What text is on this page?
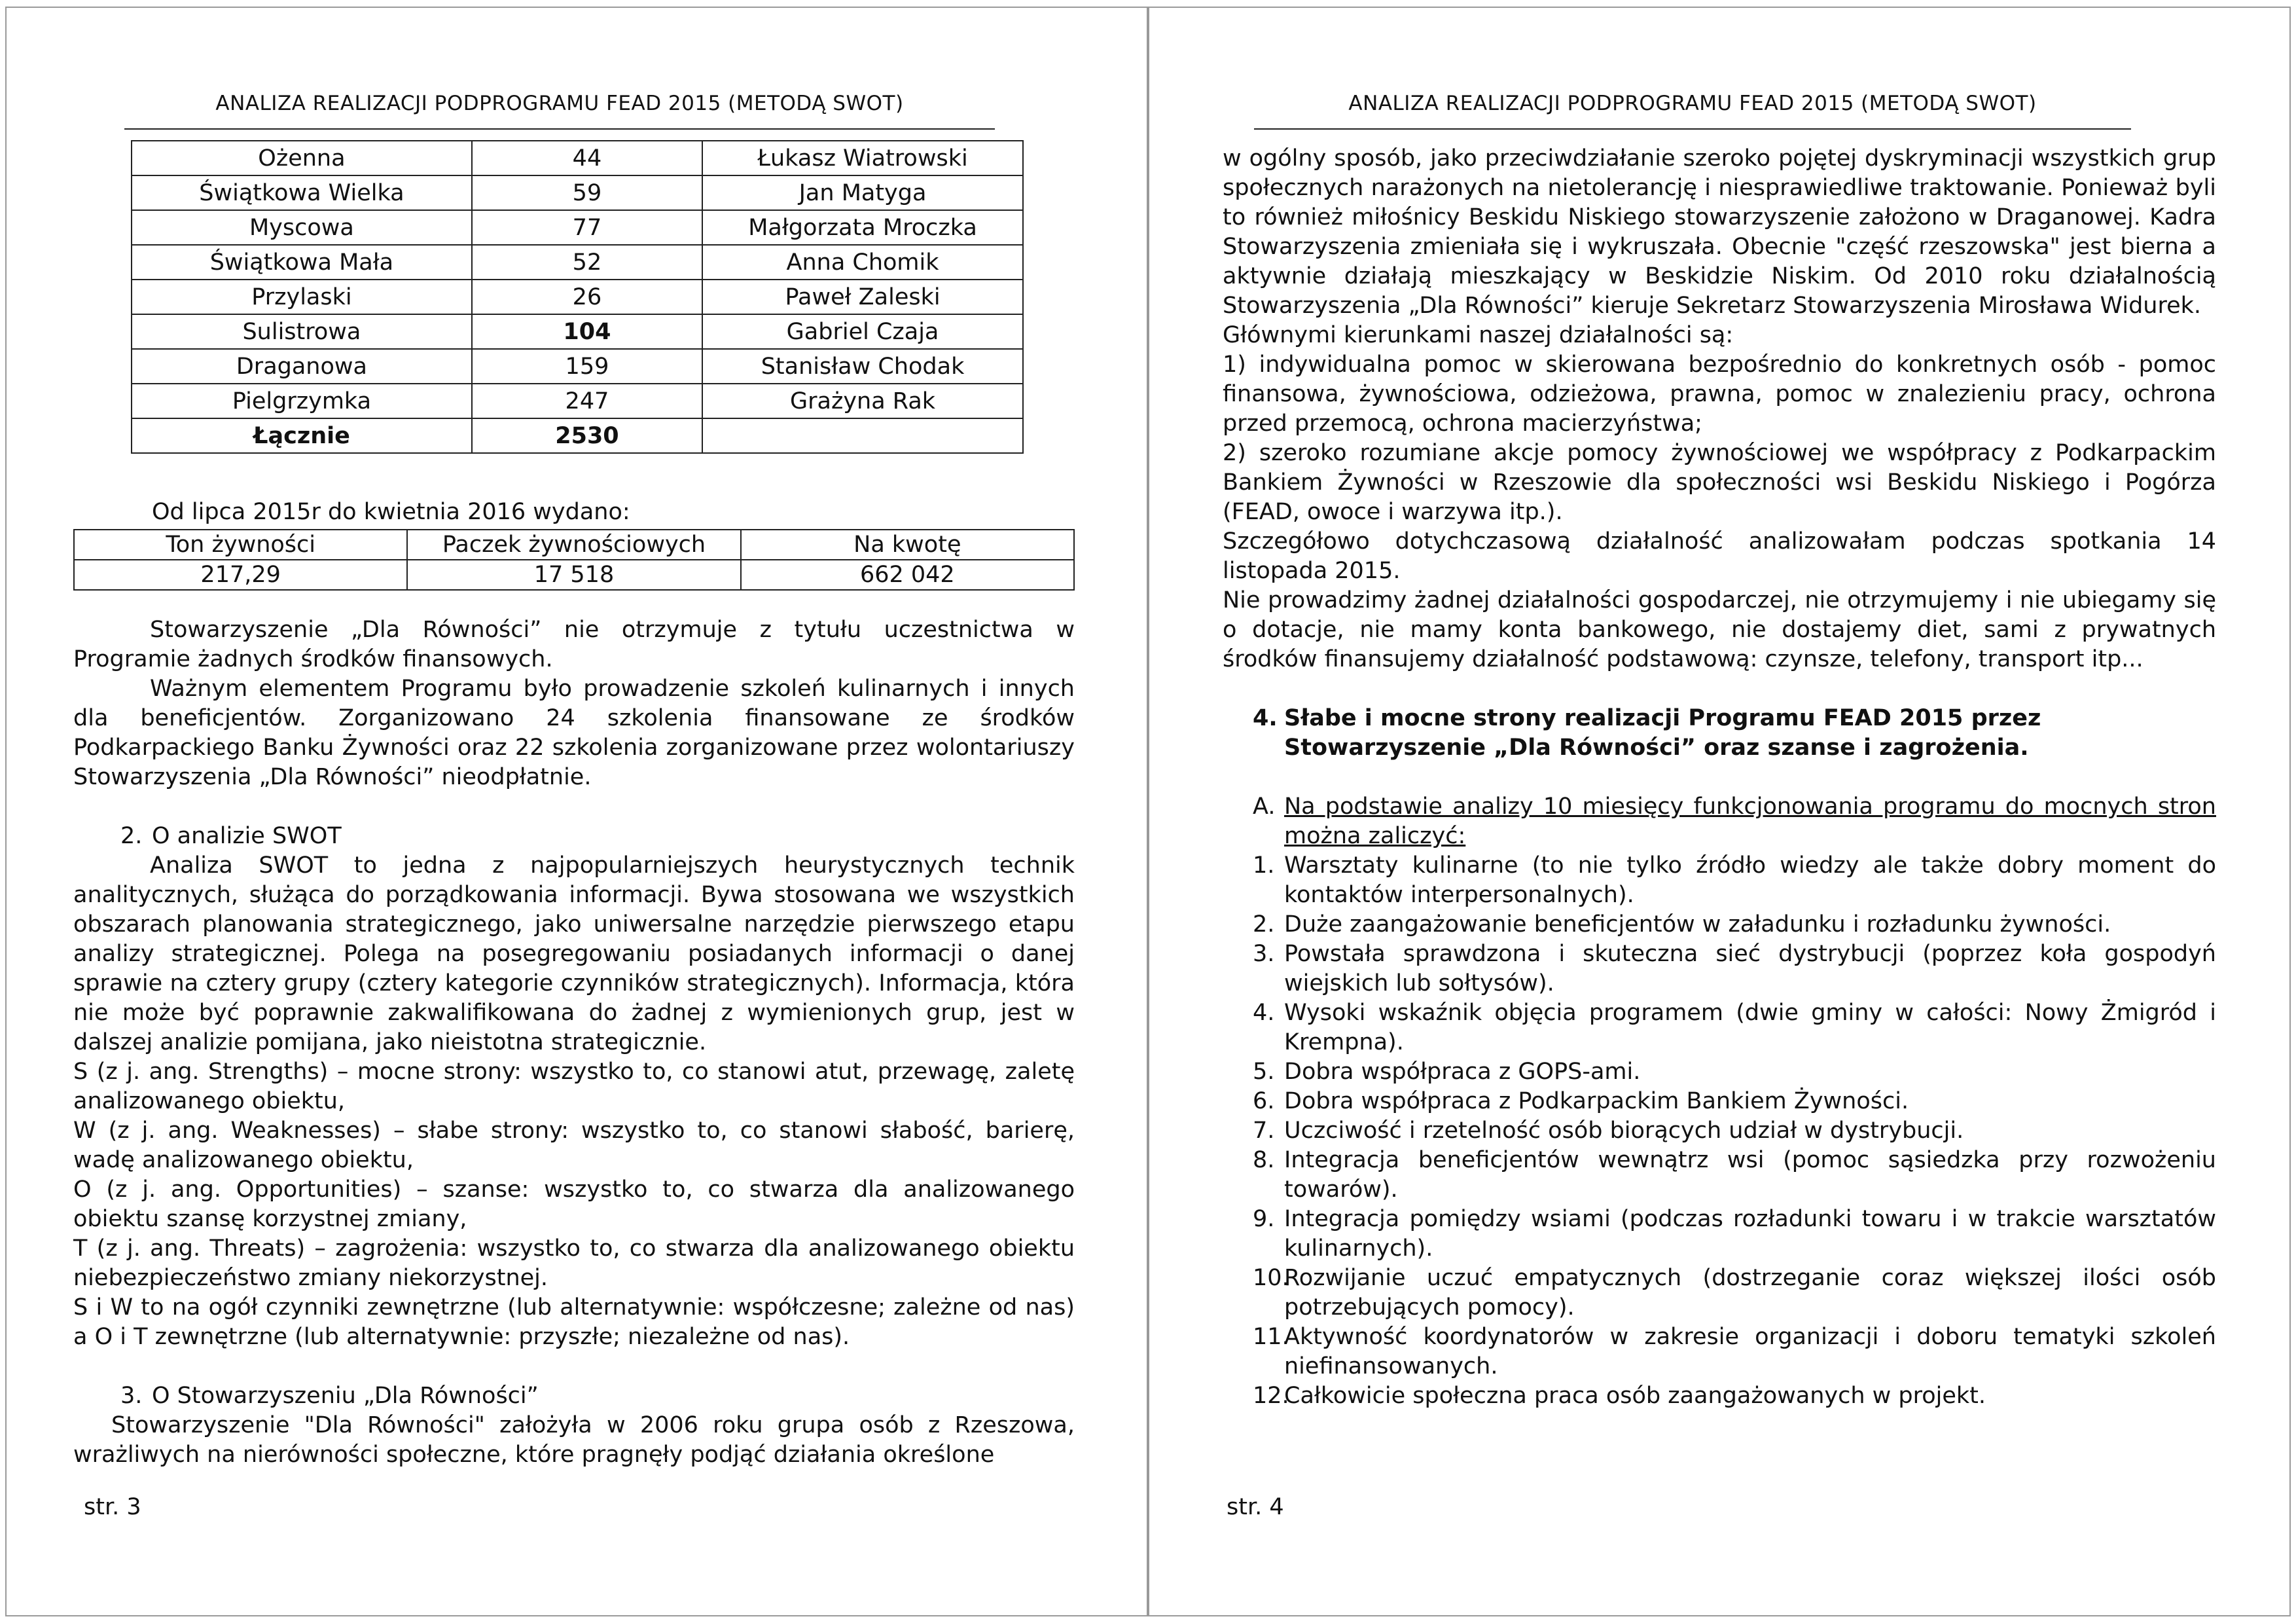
ANALIZA REALIZACJI PODPROGRAMU FEAD 2015 (METODĄ SWOT)
Ożenna	44	Łukasz Wiatrowski
Świątkowa Wielka	59	Jan Matyga
Myscowa	77	Małgorzata Mroczka
Świątkowa Mała	52	Anna Chomik
Przylaski	26	Paweł Zaleski
Sulistrowa	104	Gabriel Czaja
Draganowa	159	Stanisław Chodak
Pielgrzymka	247	Grażyna Rak
Łącznie	2530	
Od lipca 2015r do kwietnia 2016 wydano:
Ton żywności	Paczek żywnościowych	Na kwotę
217,29	17 518	662 042

Stowarzyszenie „Dla Równości” nie otrzymuje z tytułu uczestnictwa w Programie żadnych środków finansowych.

Ważnym elementem Programu było prowadzenie szkoleń kulinarnych i innych dla beneficjentów. Zorganizowano 24 szkolenia finansowane ze środków Podkarpackiego Banku Żywności oraz 22 szkolenia zorganizowane przez wolontariuszy Stowarzyszenia „Dla Równości” nieodpłatnie.

2. O analizie SWOT

Analiza SWOT to jedna z najpopularniejszych heurystycznych technik analitycznych, służąca do porządkowania informacji. Bywa stosowana we wszystkich obszarach planowania strategicznego, jako uniwersalne narzędzie pierwszego etapu analizy strategicznej. Polega na posegregowaniu posiadanych informacji o danej sprawie na cztery grupy (cztery kategorie czynników strategicznych). Informacja, która nie może być poprawnie zakwalifikowana do żadnej z wymienionych grup, jest w dalszej analizie pomijana, jako nieistotna strategicznie.

S (z j. ang. Strengths) – mocne strony: wszystko to, co stanowi atut, przewagę, zaletę analizowanego obiektu,

W (z j. ang. Weaknesses) – słabe strony: wszystko to, co stanowi słabość, barierę, wadę analizowanego obiektu,

O (z j. ang. Opportunities) – szanse: wszystko to, co stwarza dla analizowanego obiektu szansę korzystnej zmiany,

T (z j. ang. Threats) – zagrożenia: wszystko to, co stwarza dla analizowanego obiektu niebezpieczeństwo zmiany niekorzystnej.

S i W to na ogół czynniki zewnętrzne (lub alternatywnie: współczesne; zależne od nas) a O i T zewnętrzne (lub alternatywnie: przyszłe; niezależne od nas).

3. O Stowarzyszeniu „Dla Równości”

Stowarzyszenie "Dla Równości" założyła w 2006 roku grupa osób z Rzeszowa, wrażliwych na nierówności społeczne, które pragnęły podjąć działania określone

str. 3
ANALIZA REALIZACJI PODPROGRAMU FEAD 2015 (METODĄ SWOT)

w ogólny sposób, jako przeciwdziałanie szeroko pojętej dyskryminacji wszystkich grup społecznych narażonych na nietolerancję i niesprawiedliwe traktowanie. Ponieważ byli to również miłośnicy Beskidu Niskiego stowarzyszenie założono w Draganowej. Kadra Stowarzyszenia zmieniała się i wykruszała. Obecnie "część rzeszowska" jest bierna a aktywnie działają mieszkający w Beskidzie Niskim. Od 2010 roku działalnością Stowarzyszenia „Dla Równości” kieruje Sekretarz Stowarzyszenia Mirosława Widurek.

Głównymi kierunkami naszej działalności są:

1) indywidualna pomoc w skierowana bezpośrednio do konkretnych osób - pomoc finansowa, żywnościowa, odzieżowa, prawna, pomoc w znalezieniu pracy, ochrona przed przemocą, ochrona macierzyństwa;

2) szeroko rozumiane akcje pomocy żywnościowej we współpracy z Podkarpackim Bankiem Żywności w Rzeszowie dla społeczności wsi Beskidu Niskiego i Pogórza (FEAD, owoce i warzywa itp.).

Szczegółowo dotychczasową działalność analizowałam podczas spotkania 14 listopada 2015.

Nie prowadzimy żadnej działalności gospodarczej, nie otrzymujemy i nie ubiegamy się o dotacje, nie mamy konta bankowego, nie dostajemy diet, sami z prywatnych środków finansujemy działalność podstawową: czynsze, telefony, transport itp...

4. Słabe i mocne strony realizacji Programu FEAD 2015 przez Stowarzyszenie „Dla Równości” oraz szanse i zagrożenia.
A. Na podstawie analizy 10 miesięcy funkcjonowania programu do mocnych stron można zaliczyć:
1. Warsztaty kulinarne (to nie tylko źródło wiedzy ale także dobry moment do kontaktów interpersonalnych).
2. Duże zaangażowanie beneficjentów w załadunku i rozładunku żywności.
3. Powstała sprawdzona i skuteczna sieć dystrybucji (poprzez koła gospodyń wiejskich lub sołtysów).
4. Wysoki wskaźnik objęcia programem (dwie gminy w całości: Nowy Żmigród i Krempna).
5. Dobra współpraca z GOPS-ami.
6. Dobra współpraca z Podkarpackim Bankiem Żywności.
7. Uczciwość i rzetelność osób biorących udział w dystrybucji.
8. Integracja beneficjentów wewnątrz wsi (pomoc sąsiedzka przy rozwożeniu towarów).
9. Integracja pomiędzy wsiami (podczas rozładunki towaru i w trakcie warsztatów kulinarnych).
10.
Rozwijanie uczuć empatycznych (dostrzeganie coraz większej ilości osób potrzebujących pomocy).
11.
Aktywność koordynatorów w zakresie organizacji i doboru tematyki szkoleń niefinansowanych.
12.
Całkowicie społeczna praca osób zaangażowanych w projekt.
str. 4
